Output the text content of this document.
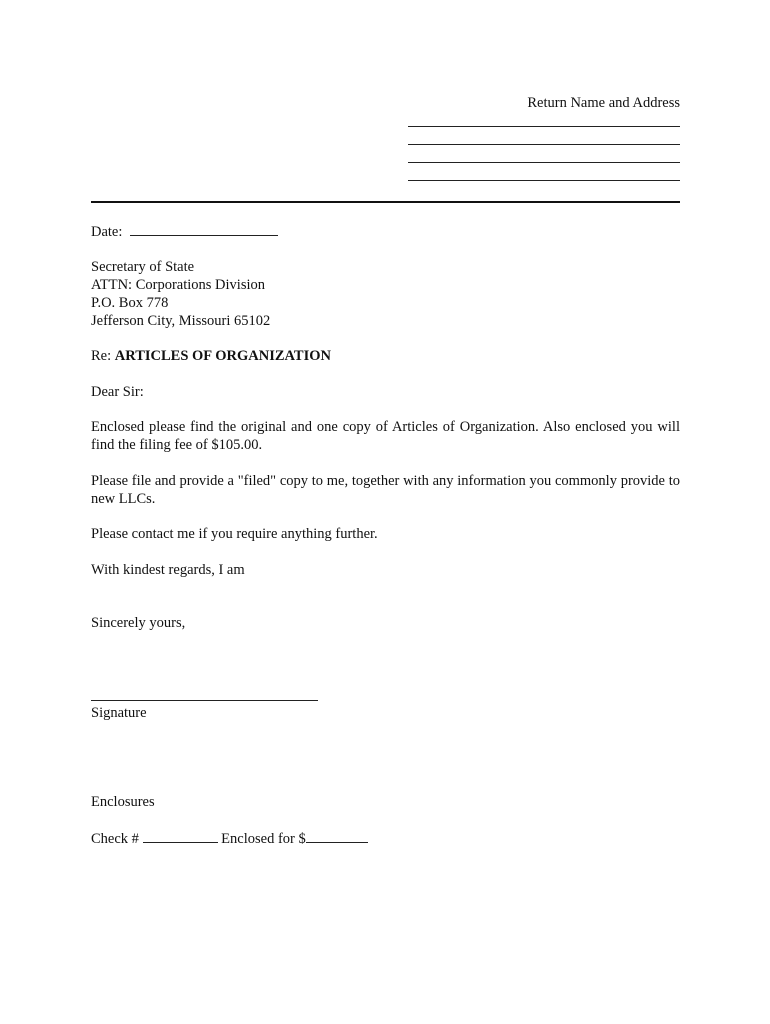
Return Name and Address
Date:
Secretary of State
ATTN: Corporations Division
P.O. Box 778
Jefferson City, Missouri 65102
Re: ARTICLES OF ORGANIZATION
Dear Sir:
Enclosed please find the original and one copy of Articles of Organization. Also enclosed you will find the filing fee of $105.00.
Please file and provide a "filed" copy to me, together with any information you commonly provide to new LLCs.
Please contact me if you require anything further.
With kindest regards, I am
Sincerely yours,
Signature
Enclosures
Check #	Enclosed for $
